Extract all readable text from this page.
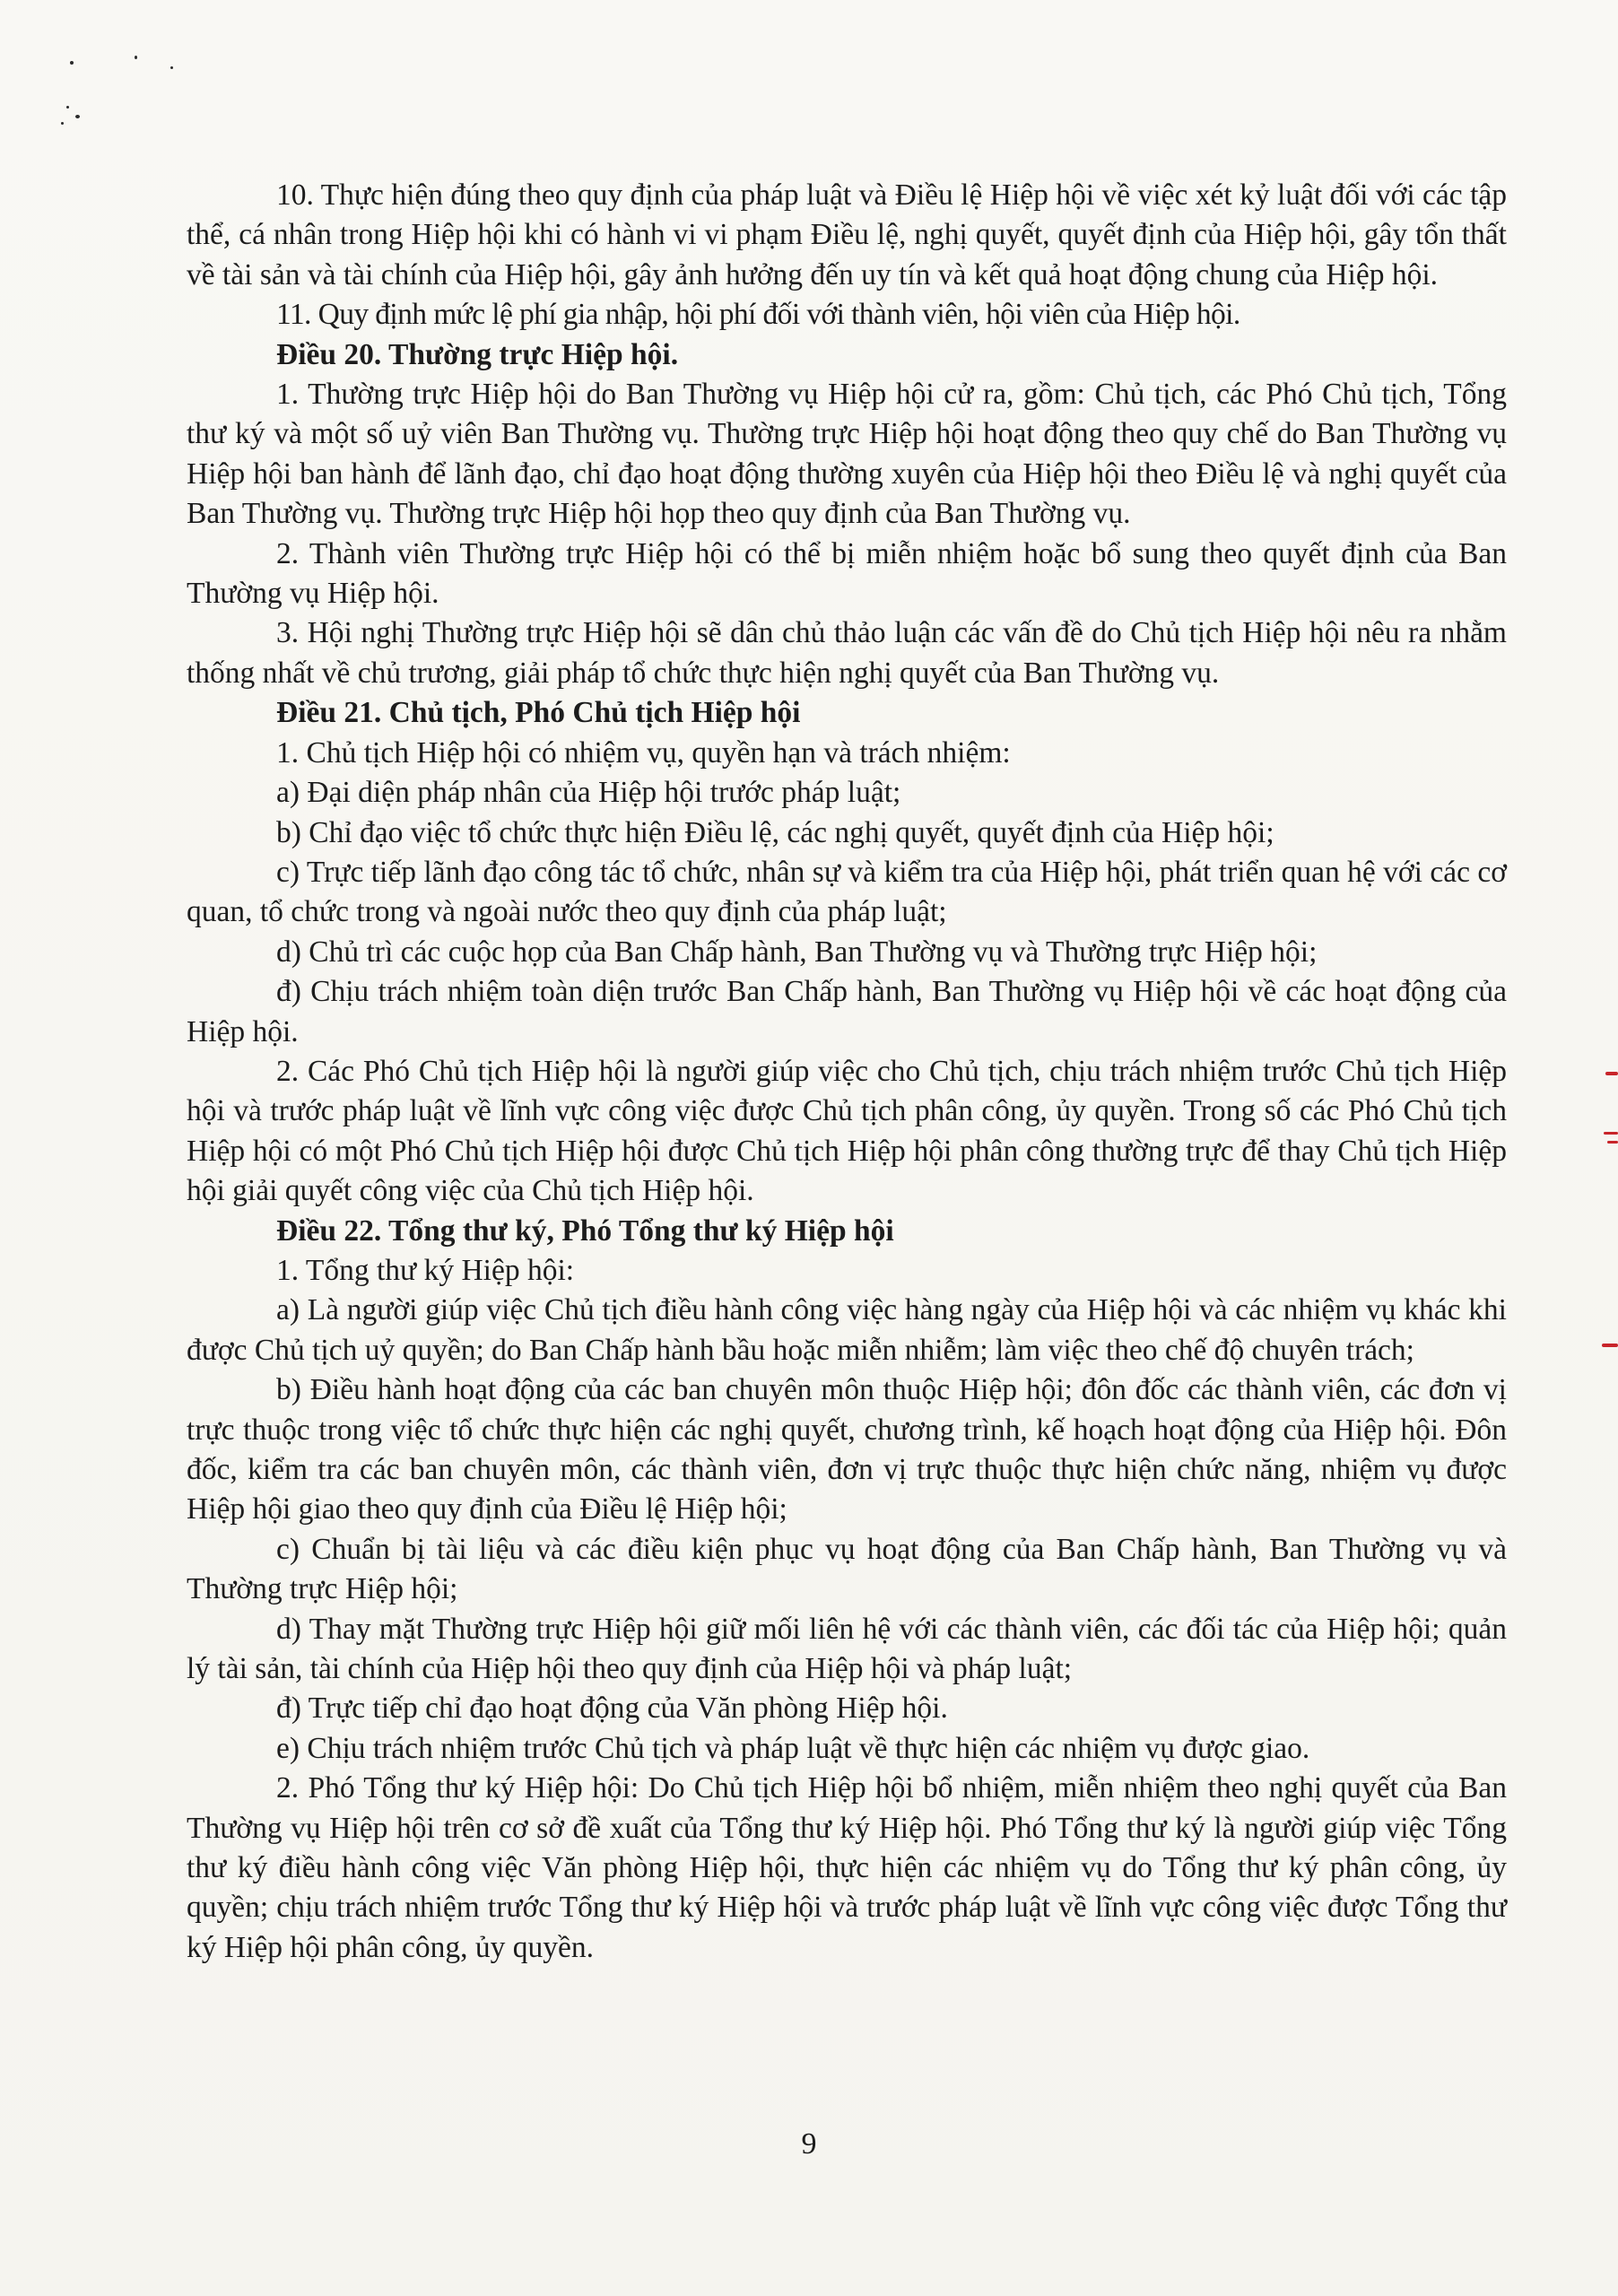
10. Thực hiện đúng theo quy định của pháp luật và Điều lệ Hiệp hội về việc xét kỷ luật đối với các tập thể, cá nhân trong Hiệp hội khi có hành vi vi phạm Điều lệ, nghị quyết, quyết định của Hiệp hội, gây tổn thất về tài sản và tài chính của Hiệp hội, gây ảnh hưởng đến uy tín và kết quả hoạt động chung của Hiệp hội.

11. Quy định mức lệ phí gia nhập, hội phí đối với thành viên, hội viên của Hiệp hội.

Điều 20. Thường trực Hiệp hội.

1. Thường trực Hiệp hội do Ban Thường vụ Hiệp hội cử ra, gồm: Chủ tịch, các Phó Chủ tịch, Tổng thư ký và một số uỷ viên Ban Thường vụ. Thường trực Hiệp hội hoạt động theo quy chế do Ban Thường vụ Hiệp hội ban hành để lãnh đạo, chỉ đạo hoạt động thường xuyên của Hiệp hội theo Điều lệ và nghị quyết của Ban Thường vụ. Thường trực Hiệp hội họp theo quy định của Ban Thường vụ.

2. Thành viên Thường trực Hiệp hội có thể bị miễn nhiệm hoặc bổ sung theo quyết định của Ban Thường vụ Hiệp hội.

3. Hội nghị Thường trực Hiệp hội sẽ dân chủ thảo luận các vấn đề do Chủ tịch Hiệp hội nêu ra nhằm thống nhất về chủ trương, giải pháp tổ chức thực hiện nghị quyết của Ban Thường vụ.

Điều 21. Chủ tịch, Phó Chủ tịch Hiệp hội

1. Chủ tịch Hiệp hội có nhiệm vụ, quyền hạn và trách nhiệm:

a) Đại diện pháp nhân của Hiệp hội trước pháp luật;

b) Chỉ đạo việc tổ chức thực hiện Điều lệ, các nghị quyết, quyết định của Hiệp hội;

c) Trực tiếp lãnh đạo công tác tổ chức, nhân sự và kiểm tra của Hiệp hội, phát triển quan hệ với các cơ quan, tổ chức trong và ngoài nước theo quy định của pháp luật;

d) Chủ trì các cuộc họp của Ban Chấp hành, Ban Thường vụ và Thường trực Hiệp hội;

đ) Chịu trách nhiệm toàn diện trước Ban Chấp hành, Ban Thường vụ Hiệp hội về các hoạt động của Hiệp hội.

2. Các Phó Chủ tịch Hiệp hội là người giúp việc cho Chủ tịch, chịu trách nhiệm trước Chủ tịch Hiệp hội và trước pháp luật về lĩnh vực công việc được Chủ tịch phân công, ủy quyền. Trong số các Phó Chủ tịch Hiệp hội có một Phó Chủ tịch Hiệp hội được Chủ tịch Hiệp hội phân công thường trực để thay Chủ tịch Hiệp hội giải quyết công việc của Chủ tịch Hiệp hội.

Điều 22. Tổng thư ký, Phó Tổng thư ký Hiệp hội

1. Tổng thư ký Hiệp hội:

a) Là người giúp việc Chủ tịch điều hành công việc hàng ngày của Hiệp hội và các nhiệm vụ khác khi được Chủ tịch uỷ quyền; do Ban Chấp hành bầu hoặc miễn nhiễm; làm việc theo chế độ chuyên trách;

b) Điều hành hoạt động của các ban chuyên môn thuộc Hiệp hội; đôn đốc các thành viên, các đơn vị trực thuộc trong việc tổ chức thực hiện các nghị quyết, chương trình, kế hoạch hoạt động của Hiệp hội. Đôn đốc, kiểm tra các ban chuyên môn, các thành viên, đơn vị trực thuộc thực hiện chức năng, nhiệm vụ được Hiệp hội giao theo quy định của Điều lệ Hiệp hội;

c) Chuẩn bị tài liệu và các điều kiện phục vụ hoạt động của Ban Chấp hành, Ban Thường vụ và Thường trực Hiệp hội;

d) Thay mặt Thường trực Hiệp hội giữ mối liên hệ với các thành viên, các đối tác của Hiệp hội; quản lý tài sản, tài chính của Hiệp hội theo quy định của Hiệp hội và pháp luật;

đ) Trực tiếp chỉ đạo hoạt động của Văn phòng Hiệp hội.

e) Chịu trách nhiệm trước Chủ tịch và pháp luật về thực hiện các nhiệm vụ được giao.

2. Phó Tổng thư ký Hiệp hội: Do Chủ tịch Hiệp hội bổ nhiệm, miễn nhiệm theo nghị quyết của Ban Thường vụ Hiệp hội trên cơ sở đề xuất của Tổng thư ký Hiệp hội. Phó Tổng thư ký là người giúp việc Tổng thư ký điều hành công việc Văn phòng Hiệp hội, thực hiện các nhiệm vụ do Tổng thư ký phân công, ủy quyền; chịu trách nhiệm trước Tổng thư ký Hiệp hội và trước pháp luật về lĩnh vực công việc được Tổng thư ký Hiệp hội phân công, ủy quyền.

9
